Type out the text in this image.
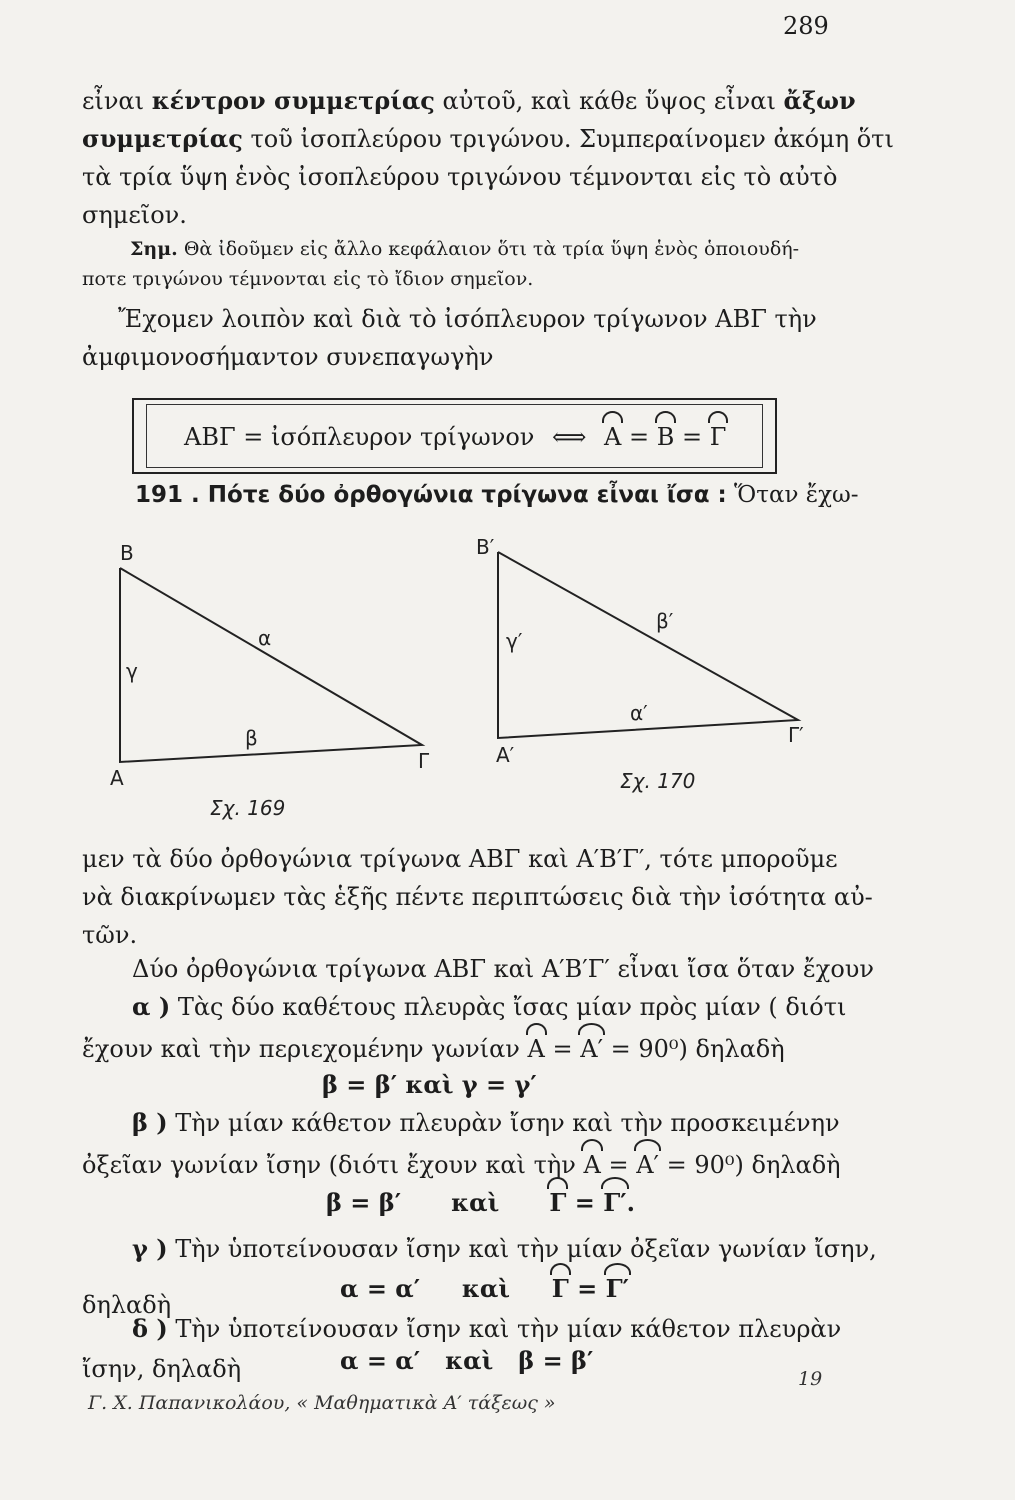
289
εἶναι κέντρον συμμετρίας αὐτοῦ, καὶ κάθε ὕψος εἶναι ἄξων
συμμετρίας τοῦ ἰσοπλεύρου τριγώνου. Συμπεραίνομεν ἀκόμη ὅτι
τὰ τρία ὕψη ἑνὸς ἰσοπλεύρου τριγώνου τέμνονται εἰς τὸ αὐτὸ
σημεῖον.
Σημ. Θὰ ἰδοῦμεν εἰς ἄλλο κεφάλαιον ὅτι τὰ τρία ὕψη ἑνὸς ὁποιουδή-
ποτε τριγώνου τέμνονται εἰς τὸ ἴδιον σημεῖον.
Ἔχομεν λοιπὸν καὶ διὰ τὸ ἰσόπλευρον τρίγωνον ΑΒΓ τὴν
ἀμφιμονοσήμαντον συνεπαγωγὴν
ΑΒΓ = ἰσόπλευρον τρίγωνον ⟺ Α = Β = Γ
191 . Πότε δύο ὀρθογώνια τρίγωνα εἶναι ἴσα : Ὅταν ἔχω-
Β
Α
Γ
α
β
γ
Σχ. 169
Β′
Α′
Γ′
α′
β′
γ′
Σχ. 170
μεν τὰ δύο ὀρθογώνια τρίγωνα ΑΒΓ καὶ Α′Β′Γ′, τότε μποροῦμε
νὰ διακρίνωμεν τὰς ἑξῆς πέντε περιπτώσεις διὰ τὴν ἰσότητα αὐ-
τῶν.
Δύο ὀρθογώνια τρίγωνα ΑΒΓ καὶ Α′Β′Γ′ εἶναι ἴσα ὅταν ἔχουν
α ) Τὰς δύο καθέτους πλευρὰς ἴσας μίαν πρὸς μίαν ( διότι
ἔχουν καὶ τὴν περιεχομένην γωνίαν Α = Α′ = 90⁰) δηλαδὴ
β = β′ καὶ γ = γ′
β ) Τὴν μίαν κάθετον πλευρὰν ἴσην καὶ τὴν προσκειμένην
ὀξεῖαν γωνίαν ἴσην (διότι ἔχουν καὶ τὴν Α = Α′ = 90⁰) δηλαδὴ
β = β′      καὶ      Γ = Γ′.
γ ) Τὴν ὑποτείνουσαν ἴσην καὶ τὴν μίαν ὀξεῖαν γωνίαν ἴσην,
δηλαδὴ
α = α′     καὶ     Γ = Γ′
δ ) Τὴν ὑποτείνουσαν ἴσην καὶ τὴν μίαν κάθετον πλευρὰν
ἴσην, δηλαδὴ	α = α′   καὶ   β = β′
Γ. Χ. Παπανικολάου, « Μαθηματικὰ Α′ τάξεως »
19
